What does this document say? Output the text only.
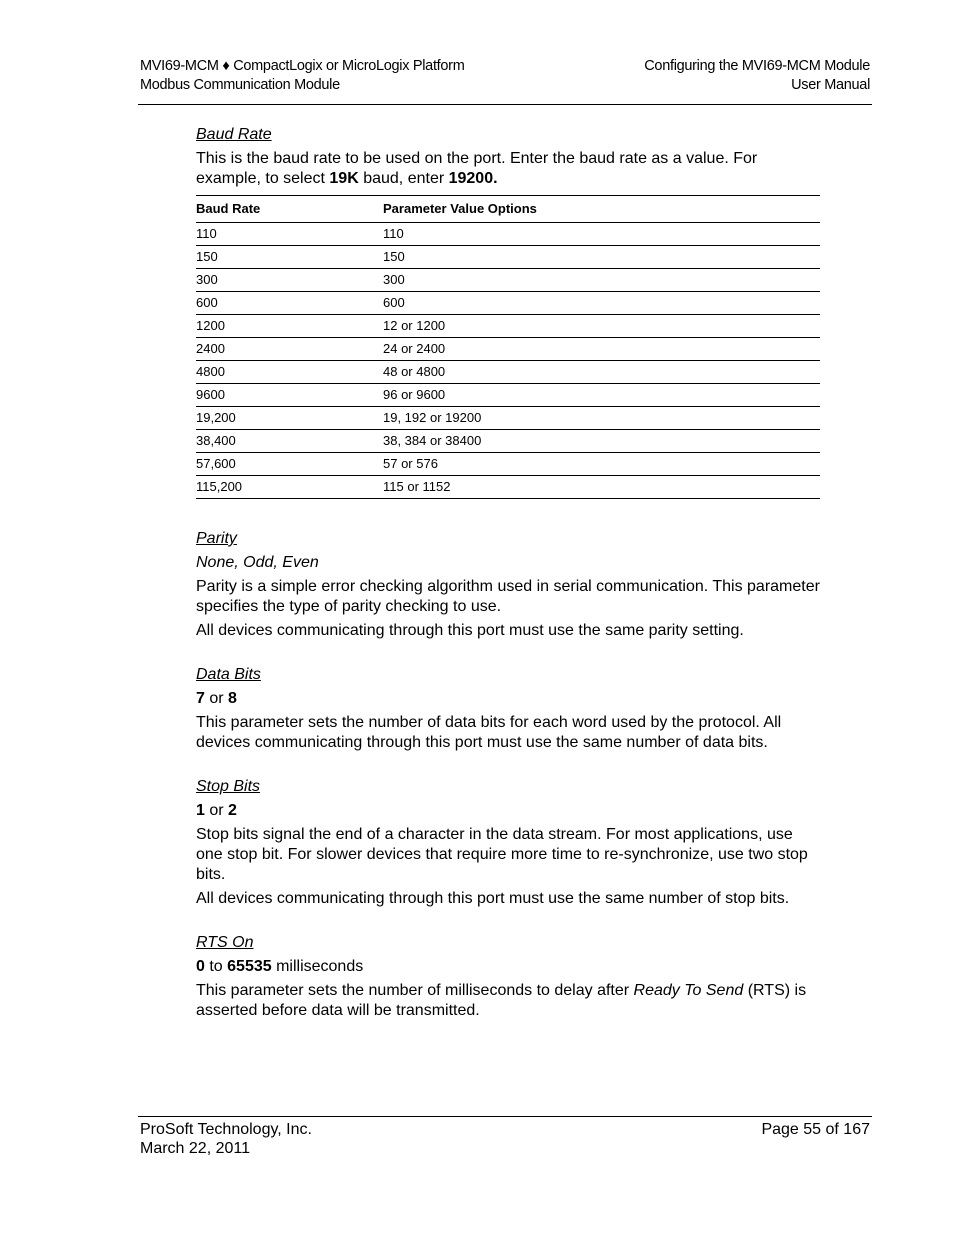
MVI69-MCM ♦ CompactLogix or MicroLogix Platform
Modbus Communication Module
Configuring the MVI69-MCM Module
User Manual
Baud Rate

This is the baud rate to be used on the port. Enter the baud rate as a value. For example, to select 19K baud, enter 19200.

Baud Rate	Parameter Value Options
110	110
150	150
300	300
600	600
1200	12 or 1200
2400	24 or 2400
4800	48 or 4800
9600	96 or 9600
19,200	19, 192 or 19200
38,400	38, 384 or 38400
57,600	57 or 576
115,200	115 or 1152
Parity
None, Odd, Even

Parity is a simple error checking algorithm used in serial communication. This parameter specifies the type of parity checking to use.

All devices communicating through this port must use the same parity setting.

Data Bits
7 or 8

This parameter sets the number of data bits for each word used by the protocol. All devices communicating through this port must use the same number of data bits.

Stop Bits
1 or 2

Stop bits signal the end of a character in the data stream. For most applications, use one stop bit. For slower devices that require more time to re-synchronize, use two stop bits.

All devices communicating through this port must use the same number of stop bits.

RTS On
0 to 65535 milliseconds

This parameter sets the number of milliseconds to delay after Ready To Send (RTS) is asserted before data will be transmitted.

ProSoft Technology, Inc.
March 22, 2011
Page 55 of 167
